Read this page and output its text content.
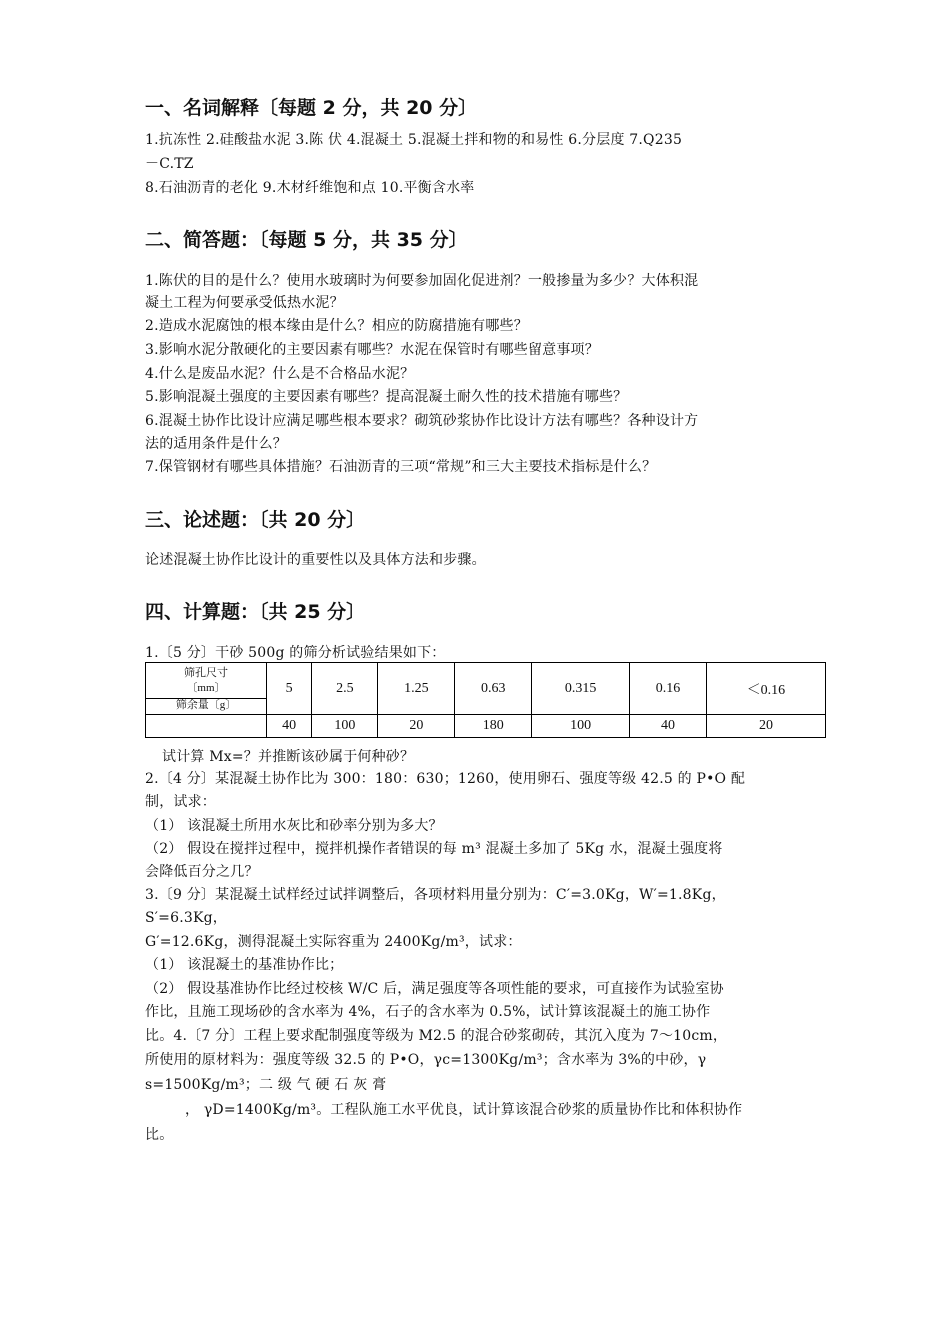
一、名词解释〔每题 2 分，共 20 分〕
1.抗冻性 2.硅酸盐水泥 3.陈 伏 4.混凝土 5.混凝土拌和物的和易性 6.分层度 7.Q235
－C.TZ
8.石油沥青的老化 9.木材纤维饱和点 10.平衡含水率
二、简答题：〔每题 5 分，共 35 分〕
1.陈伏的目的是什么？使用水玻璃时为何要参加固化促进剂？一般掺量为多少？大体积混
凝土工程为何要承受低热水泥？
2.造成水泥腐蚀的根本缘由是什么？相应的防腐措施有哪些？
3.影响水泥分散硬化的主要因素有哪些？水泥在保管时有哪些留意事项？
4.什么是废品水泥？什么是不合格品水泥？
5.影响混凝土强度的主要因素有哪些？提高混凝土耐久性的技术措施有哪些？
6.混凝土协作比设计应满足哪些根本要求？砌筑砂浆协作比设计方法有哪些？各种设计方
法的适用条件是什么？
7.保管钢材有哪些具体措施？石油沥青的三项“常规”和三大主要技术指标是什么？
三、论述题：〔共 20 分〕
论述混凝土协作比设计的重要性以及具体方法和步骤。
四、计算题：〔共 25 分〕
1.〔5 分〕干砂 500g 的筛分析试验结果如下：
筛孔尺寸
〔mm〕
筛余量〔g〕	5	2.5	1.25	0.63	0.315	0.16	＜0.16
	40	100	20	180	100	40	20
试计算 Mx=？并推断该砂属于何种砂？
2.〔4 分〕某混凝土协作比为 300：180：630；1260，使用卵石、强度等级 42.5 的 P•O 配
制，试求：
（1） 该混凝土所用水灰比和砂率分别为多大？
（2） 假设在搅拌过程中，搅拌机操作者错误的每 m³ 混凝土多加了 5Kg 水，混凝土强度将
会降低百分之几？
3.〔9 分〕某混凝土试样经过试拌调整后，各项材料用量分别为：C′=3.0Kg，W′=1.8Kg，
S′=6.3Kg，
G′=12.6Kg，测得混凝土实际容重为 2400Kg/m³，试求：
（1） 该混凝土的基准协作比；
（2） 假设基准协作比经过校核 W/C 后，满足强度等各项性能的要求，可直接作为试验室协
作比，且施工现场砂的含水率为 4%，石子的含水率为 0.5%，试计算该混凝土的施工协作
比。4.〔7 分〕工程上要求配制强度等级为 M2.5 的混合砂浆砌砖，其沉入度为 7～10cm，
所使用的原材料为：强度等级 32.5 的 P•O，γc=1300Kg/m³；含水率为 3%的中砂，γ
s=1500Kg/m³；二 级 气 硬 石 灰 膏
， γD=1400Kg/m³。工程队施工水平优良，试计算该混合砂浆的质量协作比和体积协作
比。
